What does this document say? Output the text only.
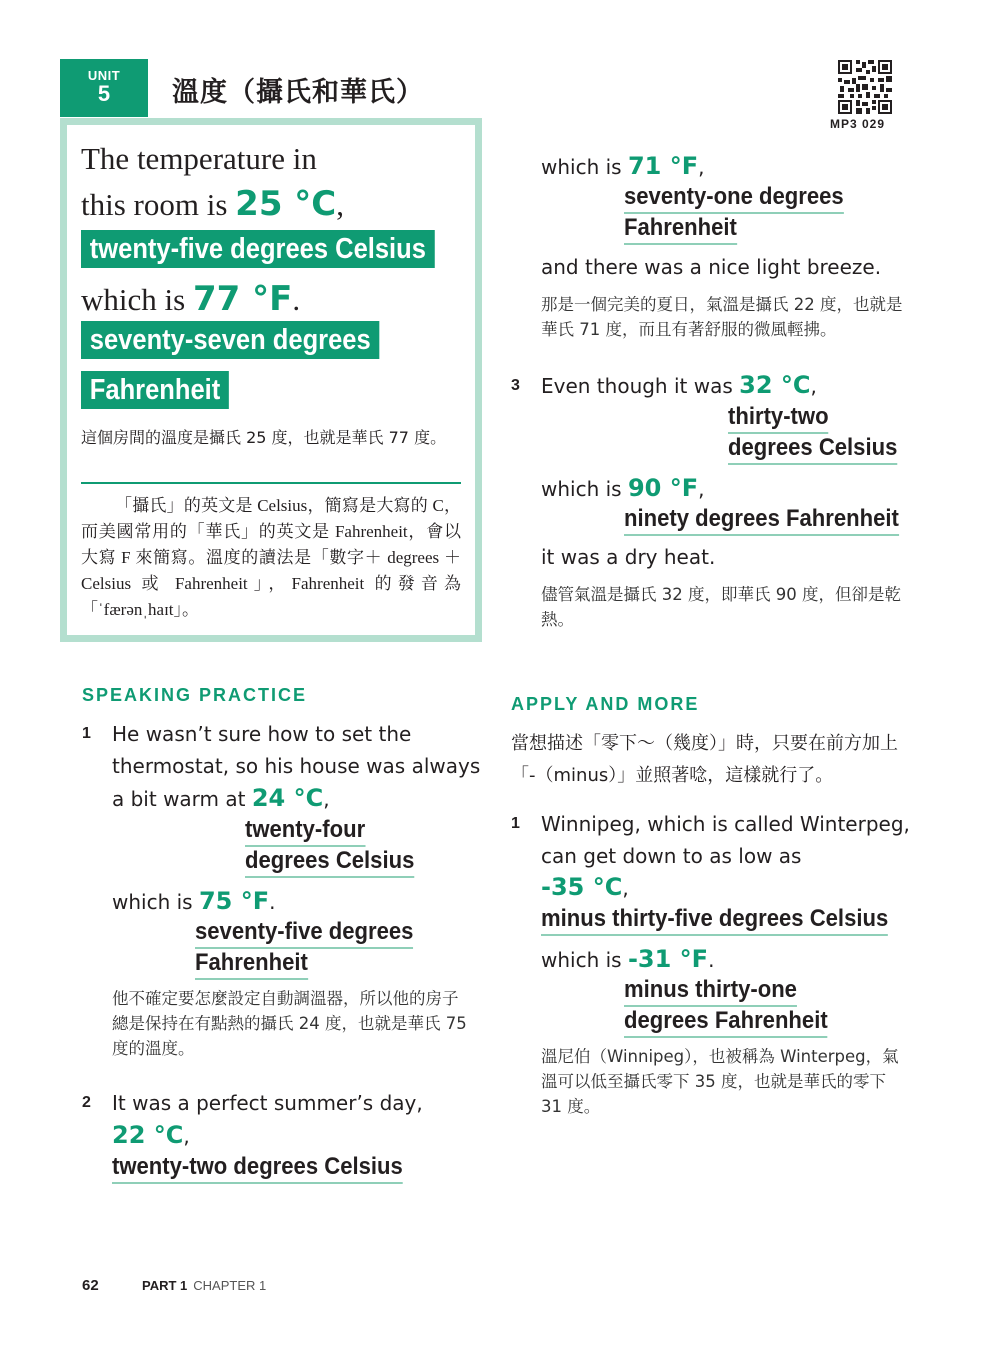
UNIT
5	溫度（攝氏和華氏）
MP3 029
The temperature in
this room is 25 °C,
twenty-five degrees Celsius
which is 77 °F.
seventy-seven degrees
Fahrenheit
這個房間的溫度是攝氏 25 度，也就是華氏 77 度。
「攝氏」的英文是 Celsius，簡寫是大寫的 C，而美國常用的「華氏」的英文是 Fahrenheit，會以大寫 F 來簡寫。溫度的讀法是「數字＋ degrees ＋ Celsius 或 Fahrenheit」，Fahrenheit 的發音為「ˈfærənˌhaɪt」。
SPEAKING PRACTICE
1 He wasn’t sure how to set the
thermostat, so his house was always
a bit warm at 24 °C,
twenty-four
degrees Celsius
which is 75 °F.
seventy-five degrees
Fahrenheit
他不確定要怎麼設定自動調溫器，所以他的房子總是保持在有點熱的攝氏 24 度，也就是華氏 75 度的溫度。
2 It was a perfect summer’s day,
22 °C,
twenty-two degrees Celsius
which is 71 °F,
seventy-one degrees
Fahrenheit
and there was a nice light breeze.
那是一個完美的夏日，氣溫是攝氏 22 度，也就是華氏 71 度，而且有著舒服的微風輕拂。
3 Even though it was 32 °C,
thirty-two
degrees Celsius
which is 90 °F,
ninety degrees Fahrenheit
it was a dry heat.
儘管氣溫是攝氏 32 度，即華氏 90 度，但卻是乾熱。
APPLY AND MORE
當想描述「零下～（幾度）」時，只要在前方加上「-（minus）」並照著唸，這樣就行了。
1 Winnipeg, which is called Winterpeg,
can get down to as low as
-35 °C,
minus thirty-five degrees Celsius
which is -31 °F.
minus thirty-one
degrees Fahrenheit
溫尼伯（Winnipeg），也被稱為 Winterpeg，氣溫可以低至攝氏零下 35 度，也就是華氏的零下 31 度。
62	PART 1 CHAPTER 1
